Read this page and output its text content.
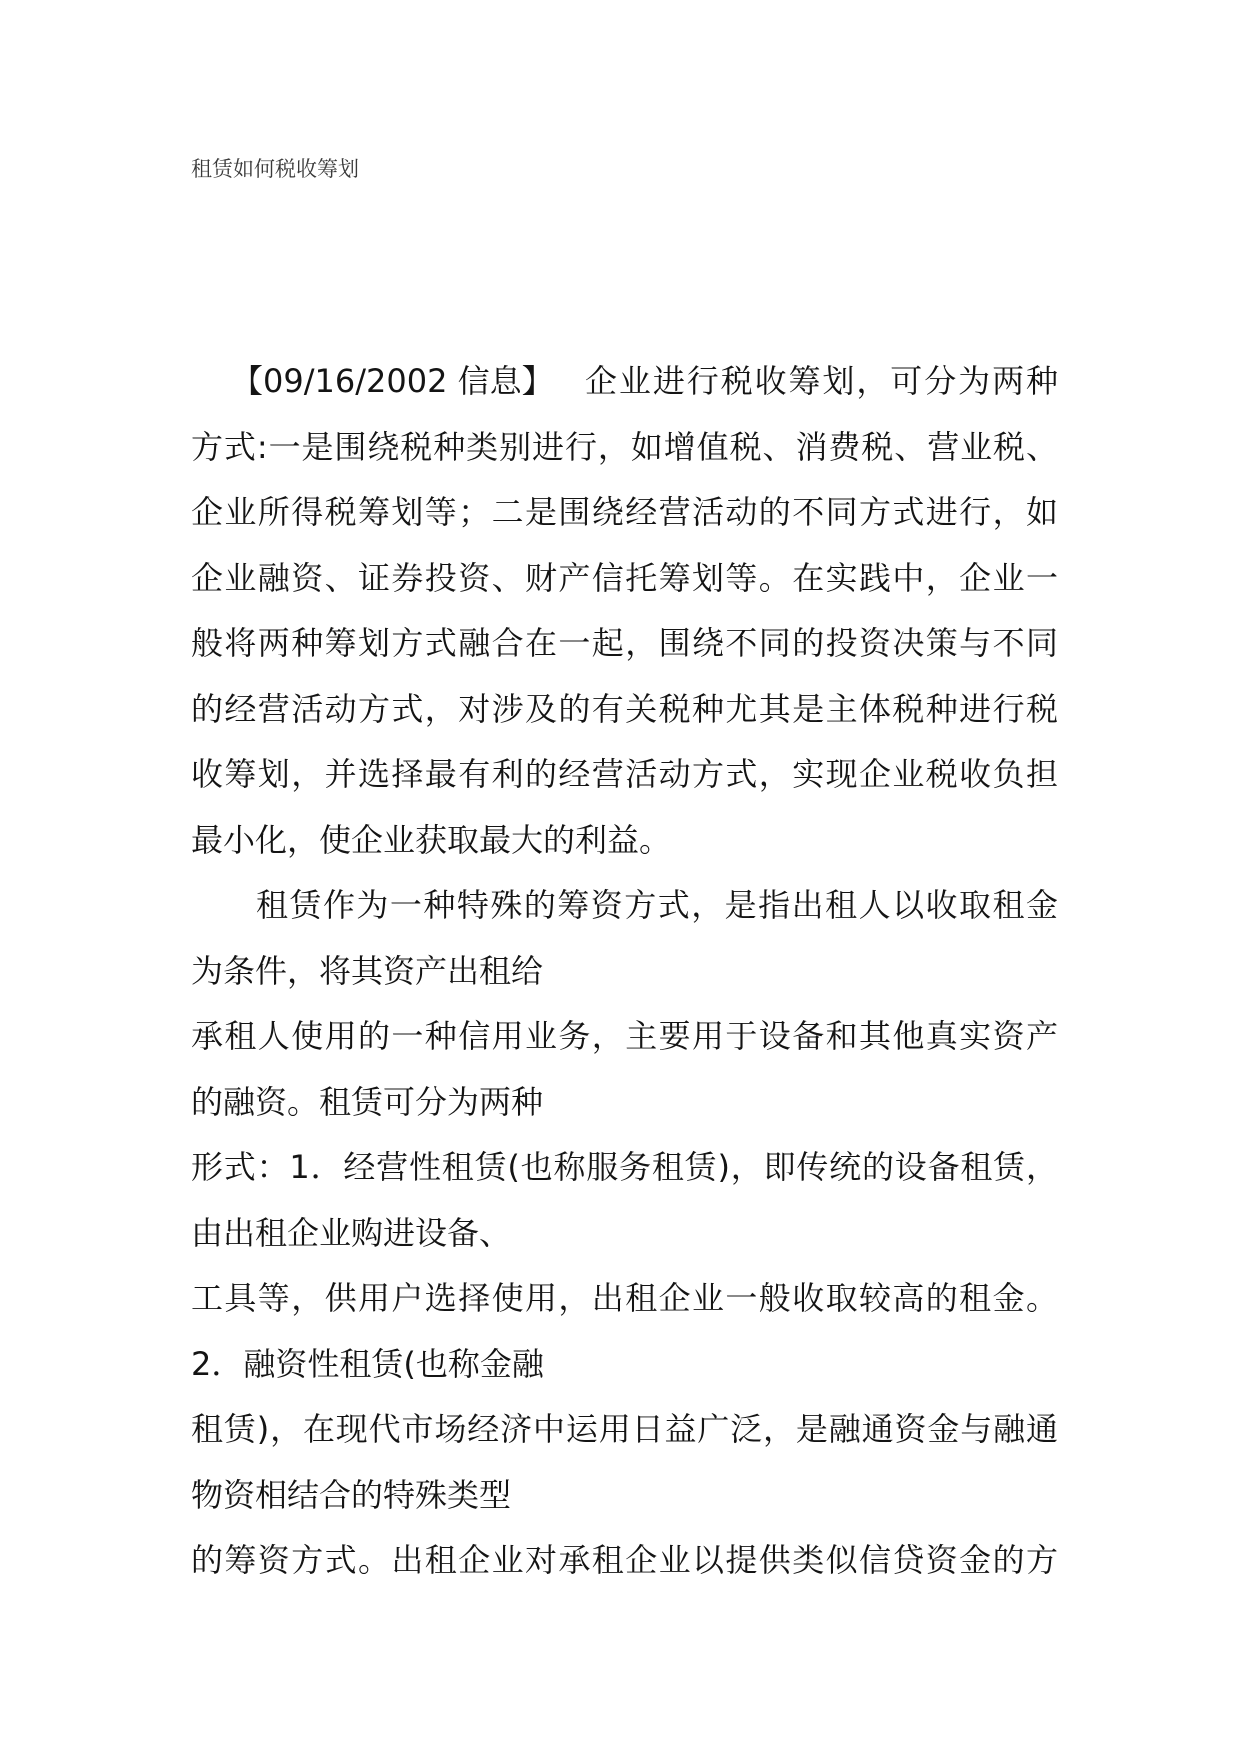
租赁如何税收筹划
【09/16/2002 信息】 企业进行税收筹划，可分为两种
方式:一是围绕税种类别进行，如增值税、消费税、营业税、
企业所得税筹划等；二是围绕经营活动的不同方式进行，如
企业融资、证券投资、财产信托筹划等。在实践中，企业一
般将两种筹划方式融合在一起，围绕不同的投资决策与不同
的经营活动方式，对涉及的有关税种尤其是主体税种进行税
收筹划，并选择最有利的经营活动方式，实现企业税收负担
最小化，使企业获取最大的利益。
租赁作为一种特殊的筹资方式，是指出租人以收取租金
为条件，将其资产出租给
承租人使用的一种信用业务，主要用于设备和其他真实资产
的融资。租赁可分为两种
形式：1．经营性租赁(也称服务租赁)，即传统的设备租赁，
由出租企业购进设备、
工具等，供用户选择使用，出租企业一般收取较高的租金。
2．融资性租赁(也称金融
租赁)，在现代市场经济中运用日益广泛，是融通资金与融通
物资相结合的特殊类型
的筹资方式。出租企业对承租企业以提供类似信贷资金的方
